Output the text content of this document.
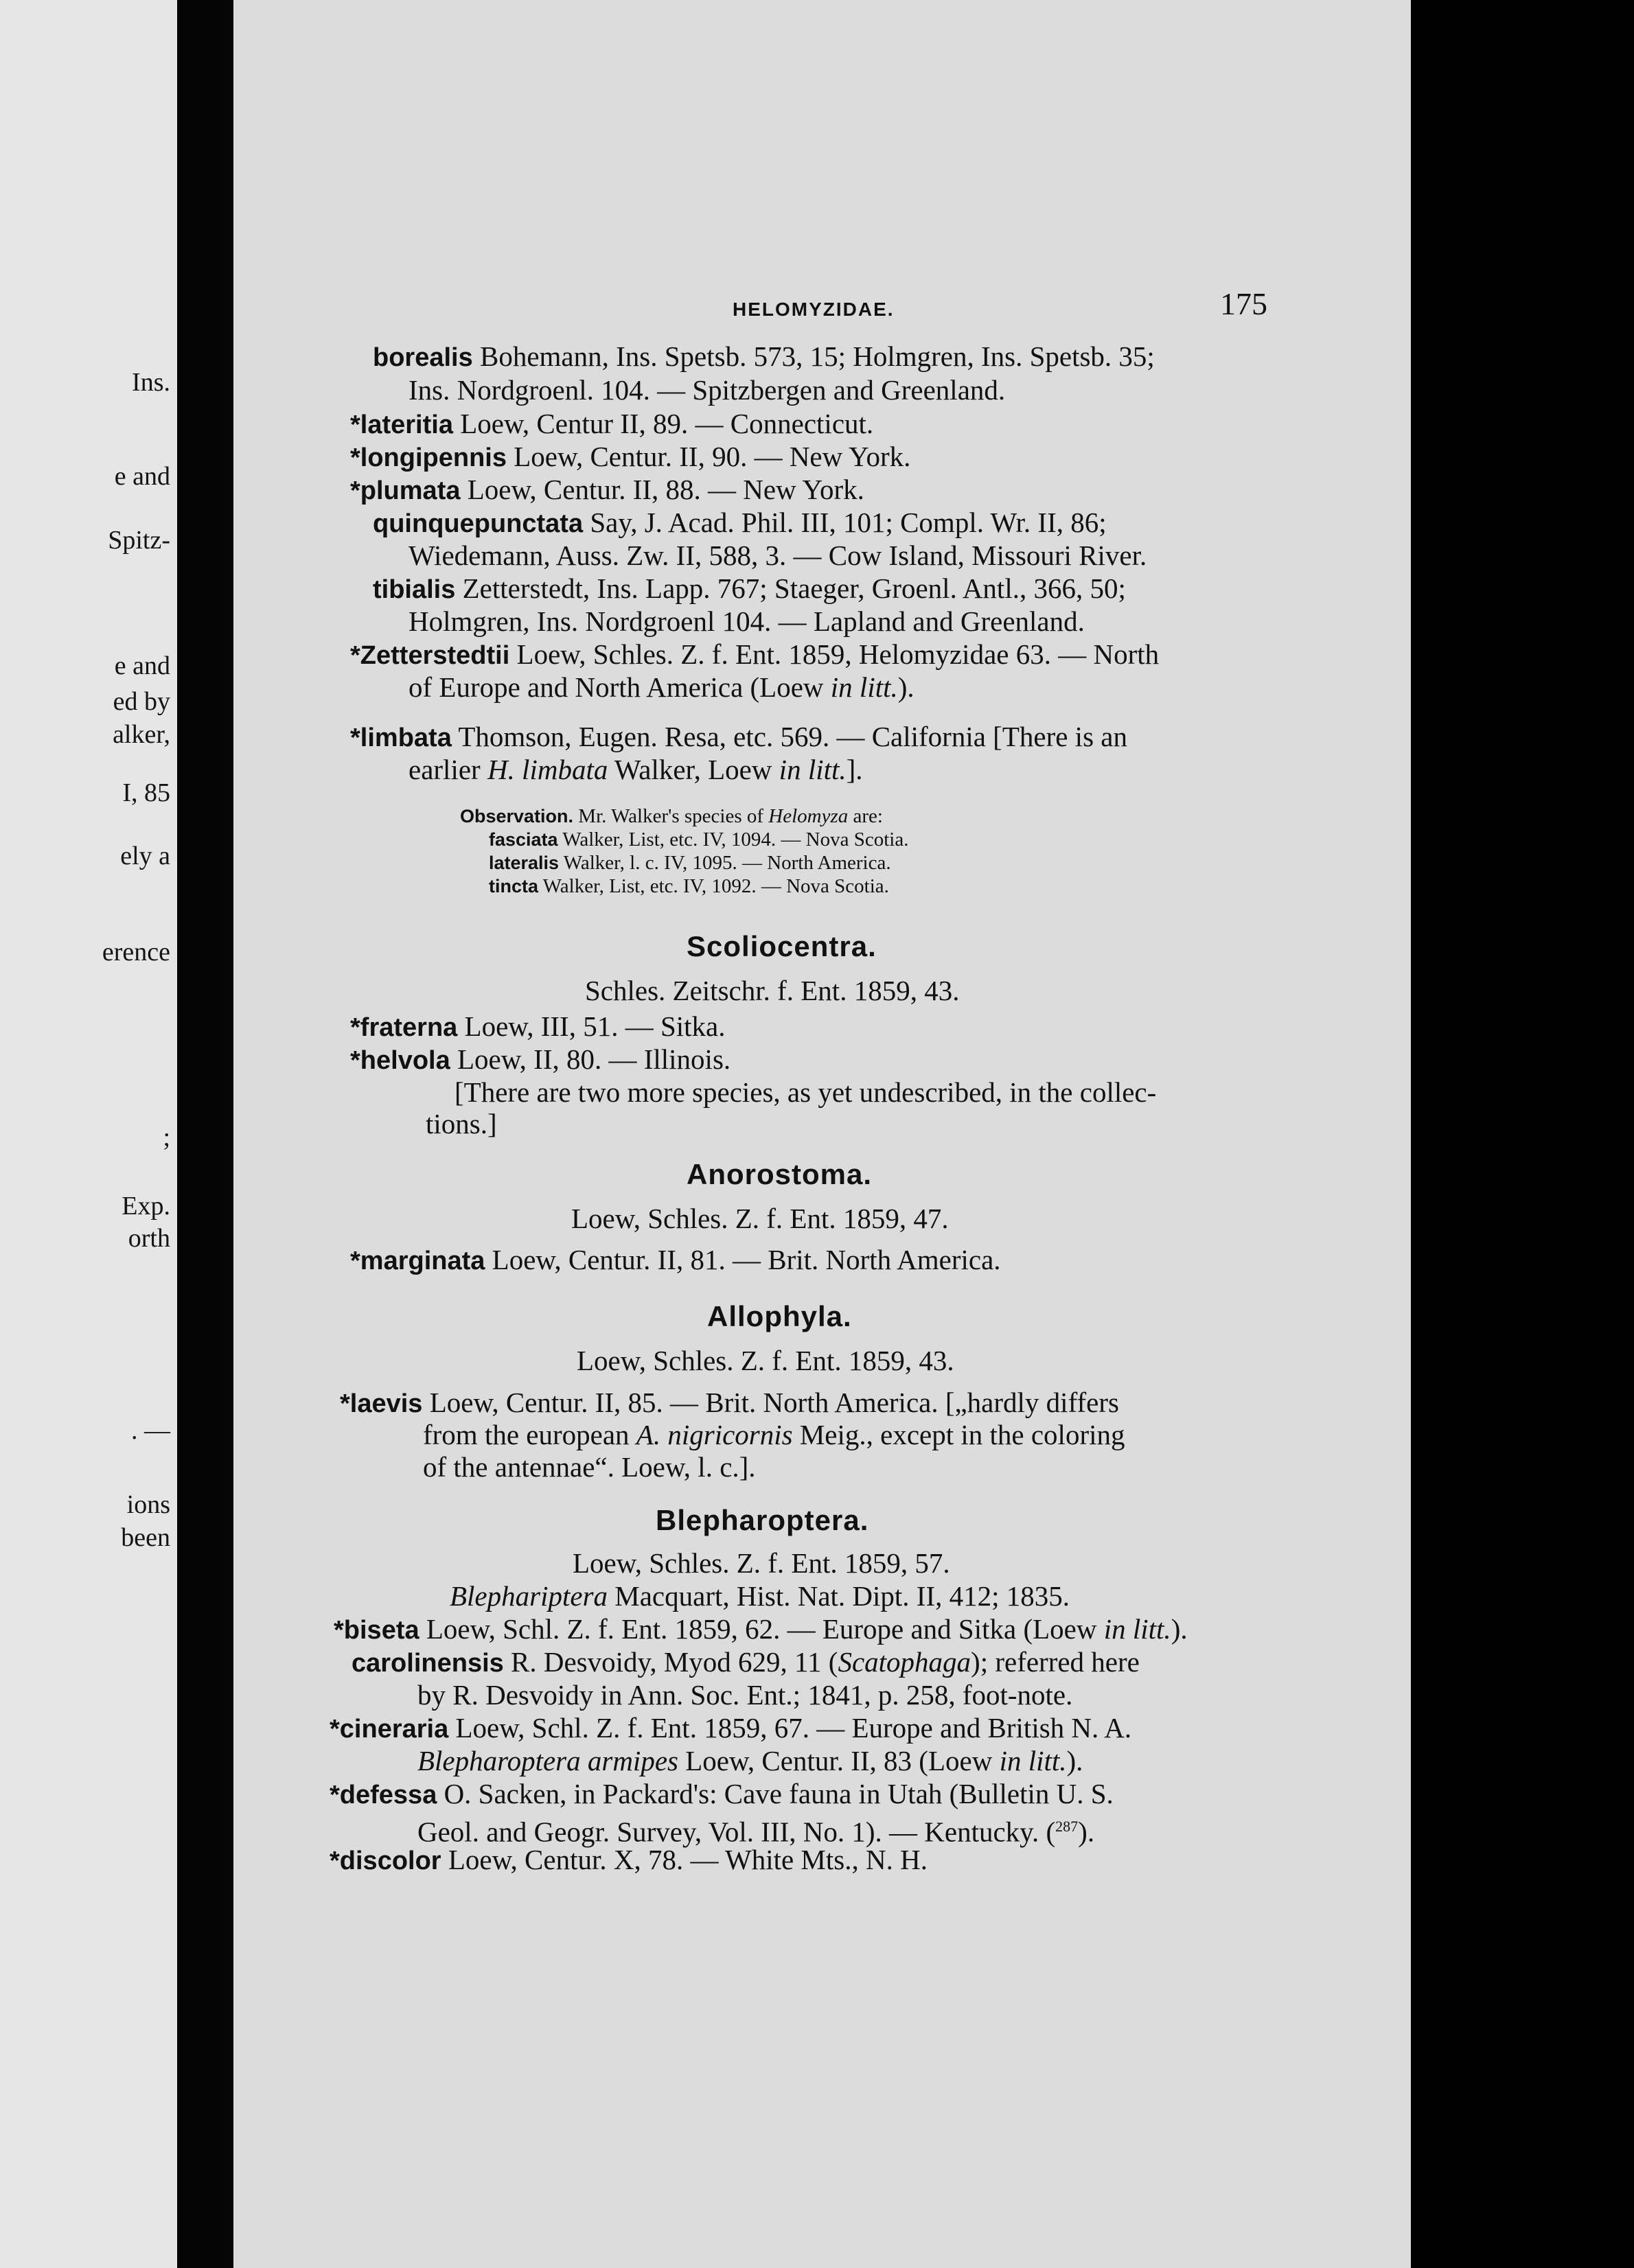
Ins.
e and
Spitz-
e and
ed by
alker,
I, 85
ely a
erence
;
Exp.
orth
. —
ions
been
HELOMYZIDAE.	175
borealis Bohemann, Ins. Spetsb. 573, 15; Holmgren, Ins. Spetsb. 35;
Ins. Nordgroenl. 104. — Spitzbergen and Greenland.
*lateritia Loew, Centur II, 89. — Connecticut.
*longipennis Loew, Centur. II, 90. — New York.
*plumata Loew, Centur. II, 88. — New York.
quinquepunctata Say, J. Acad. Phil. III, 101; Compl. Wr. II, 86;
Wiedemann, Auss. Zw. II, 588, 3. — Cow Island, Missouri River.
tibialis Zetterstedt, Ins. Lapp. 767; Staeger, Groenl. Antl., 366, 50;
Holmgren, Ins. Nordgroenl 104. — Lapland and Greenland.
*Zetterstedtii Loew, Schles. Z. f. Ent. 1859, Helomyzidae 63. — North
of Europe and North America (Loew in litt.).
*limbata Thomson, Eugen. Resa, etc. 569. — California [There is an
earlier H. limbata Walker, Loew in litt.].
Observation. Mr. Walker's species of Helomyza are:
fasciata Walker, List, etc. IV, 1094. — Nova Scotia.
lateralis Walker, l. c. IV, 1095. — North America.
tincta Walker, List, etc. IV, 1092. — Nova Scotia.
Scoliocentra.
Schles. Zeitschr. f. Ent. 1859, 43.
*fraterna Loew, III, 51. — Sitka.
*helvola Loew, II, 80. — Illinois.
[There are two more species, as yet undescribed, in the collec-
tions.]
Anorostoma.
Loew, Schles. Z. f. Ent. 1859, 47.
*marginata Loew, Centur. II, 81. — Brit. North America.
Allophyla.
Loew, Schles. Z. f. Ent. 1859, 43.
*laevis Loew, Centur. II, 85. — Brit. North America. [„hardly differs
from the european A. nigricornis Meig., except in the coloring
of the antennae“. Loew, l. c.].
Blepharoptera.
Loew, Schles. Z. f. Ent. 1859, 57.
Blephariptera Macquart, Hist. Nat. Dipt. II, 412; 1835.
*biseta Loew, Schl. Z. f. Ent. 1859, 62. — Europe and Sitka (Loew in litt.).
carolinensis R. Desvoidy, Myod 629, 11 (Scatophaga); referred here
by R. Desvoidy in Ann. Soc. Ent.; 1841, p. 258, foot-note.
*cineraria Loew, Schl. Z. f. Ent. 1859, 67. — Europe and British N. A.
Blepharoptera armipes Loew, Centur. II, 83 (Loew in litt.).
*defessa O. Sacken, in Packard's: Cave fauna in Utah (Bulletin U. S.
Geol. and Geogr. Survey, Vol. III, No. 1). — Kentucky. ($^{287}$).
*discolor Loew, Centur. X, 78. — White Mts., N. H.
